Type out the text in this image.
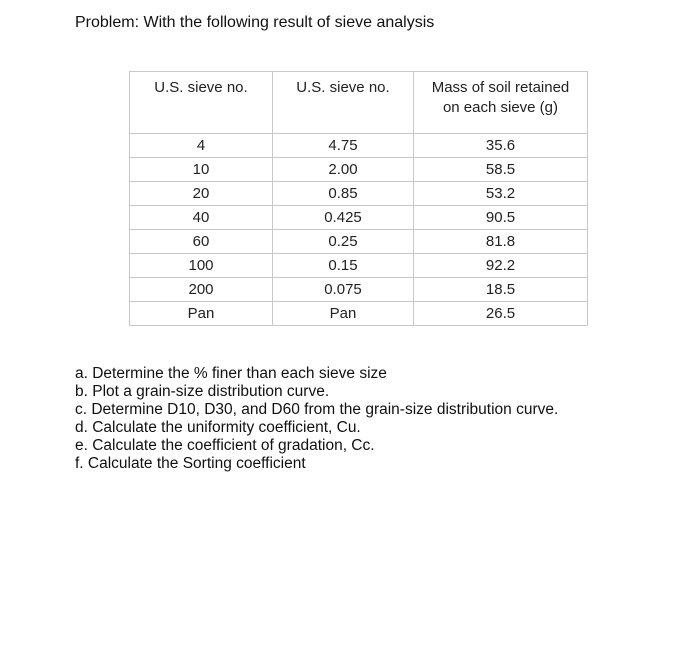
Problem: With the following result of sieve analysis
U.S. sieve no.	U.S. sieve no.	Mass of soil retained
on each sieve (g)

4	4.75	35.6
10	2.00	58.5
20	0.85	53.2
40	0.425	90.5
60	0.25	81.8
100	0.15	92.2
200	0.075	18.5
Pan	Pan	26.5
a. Determine the % finer than each sieve size
b. Plot a grain-size distribution curve.
c. Determine D10, D30, and D60 from the grain-size distribution curve.
d. Calculate the uniformity coefficient, Cu.
e. Calculate the coefficient of gradation, Cc.
f. Calculate the Sorting coefficient
